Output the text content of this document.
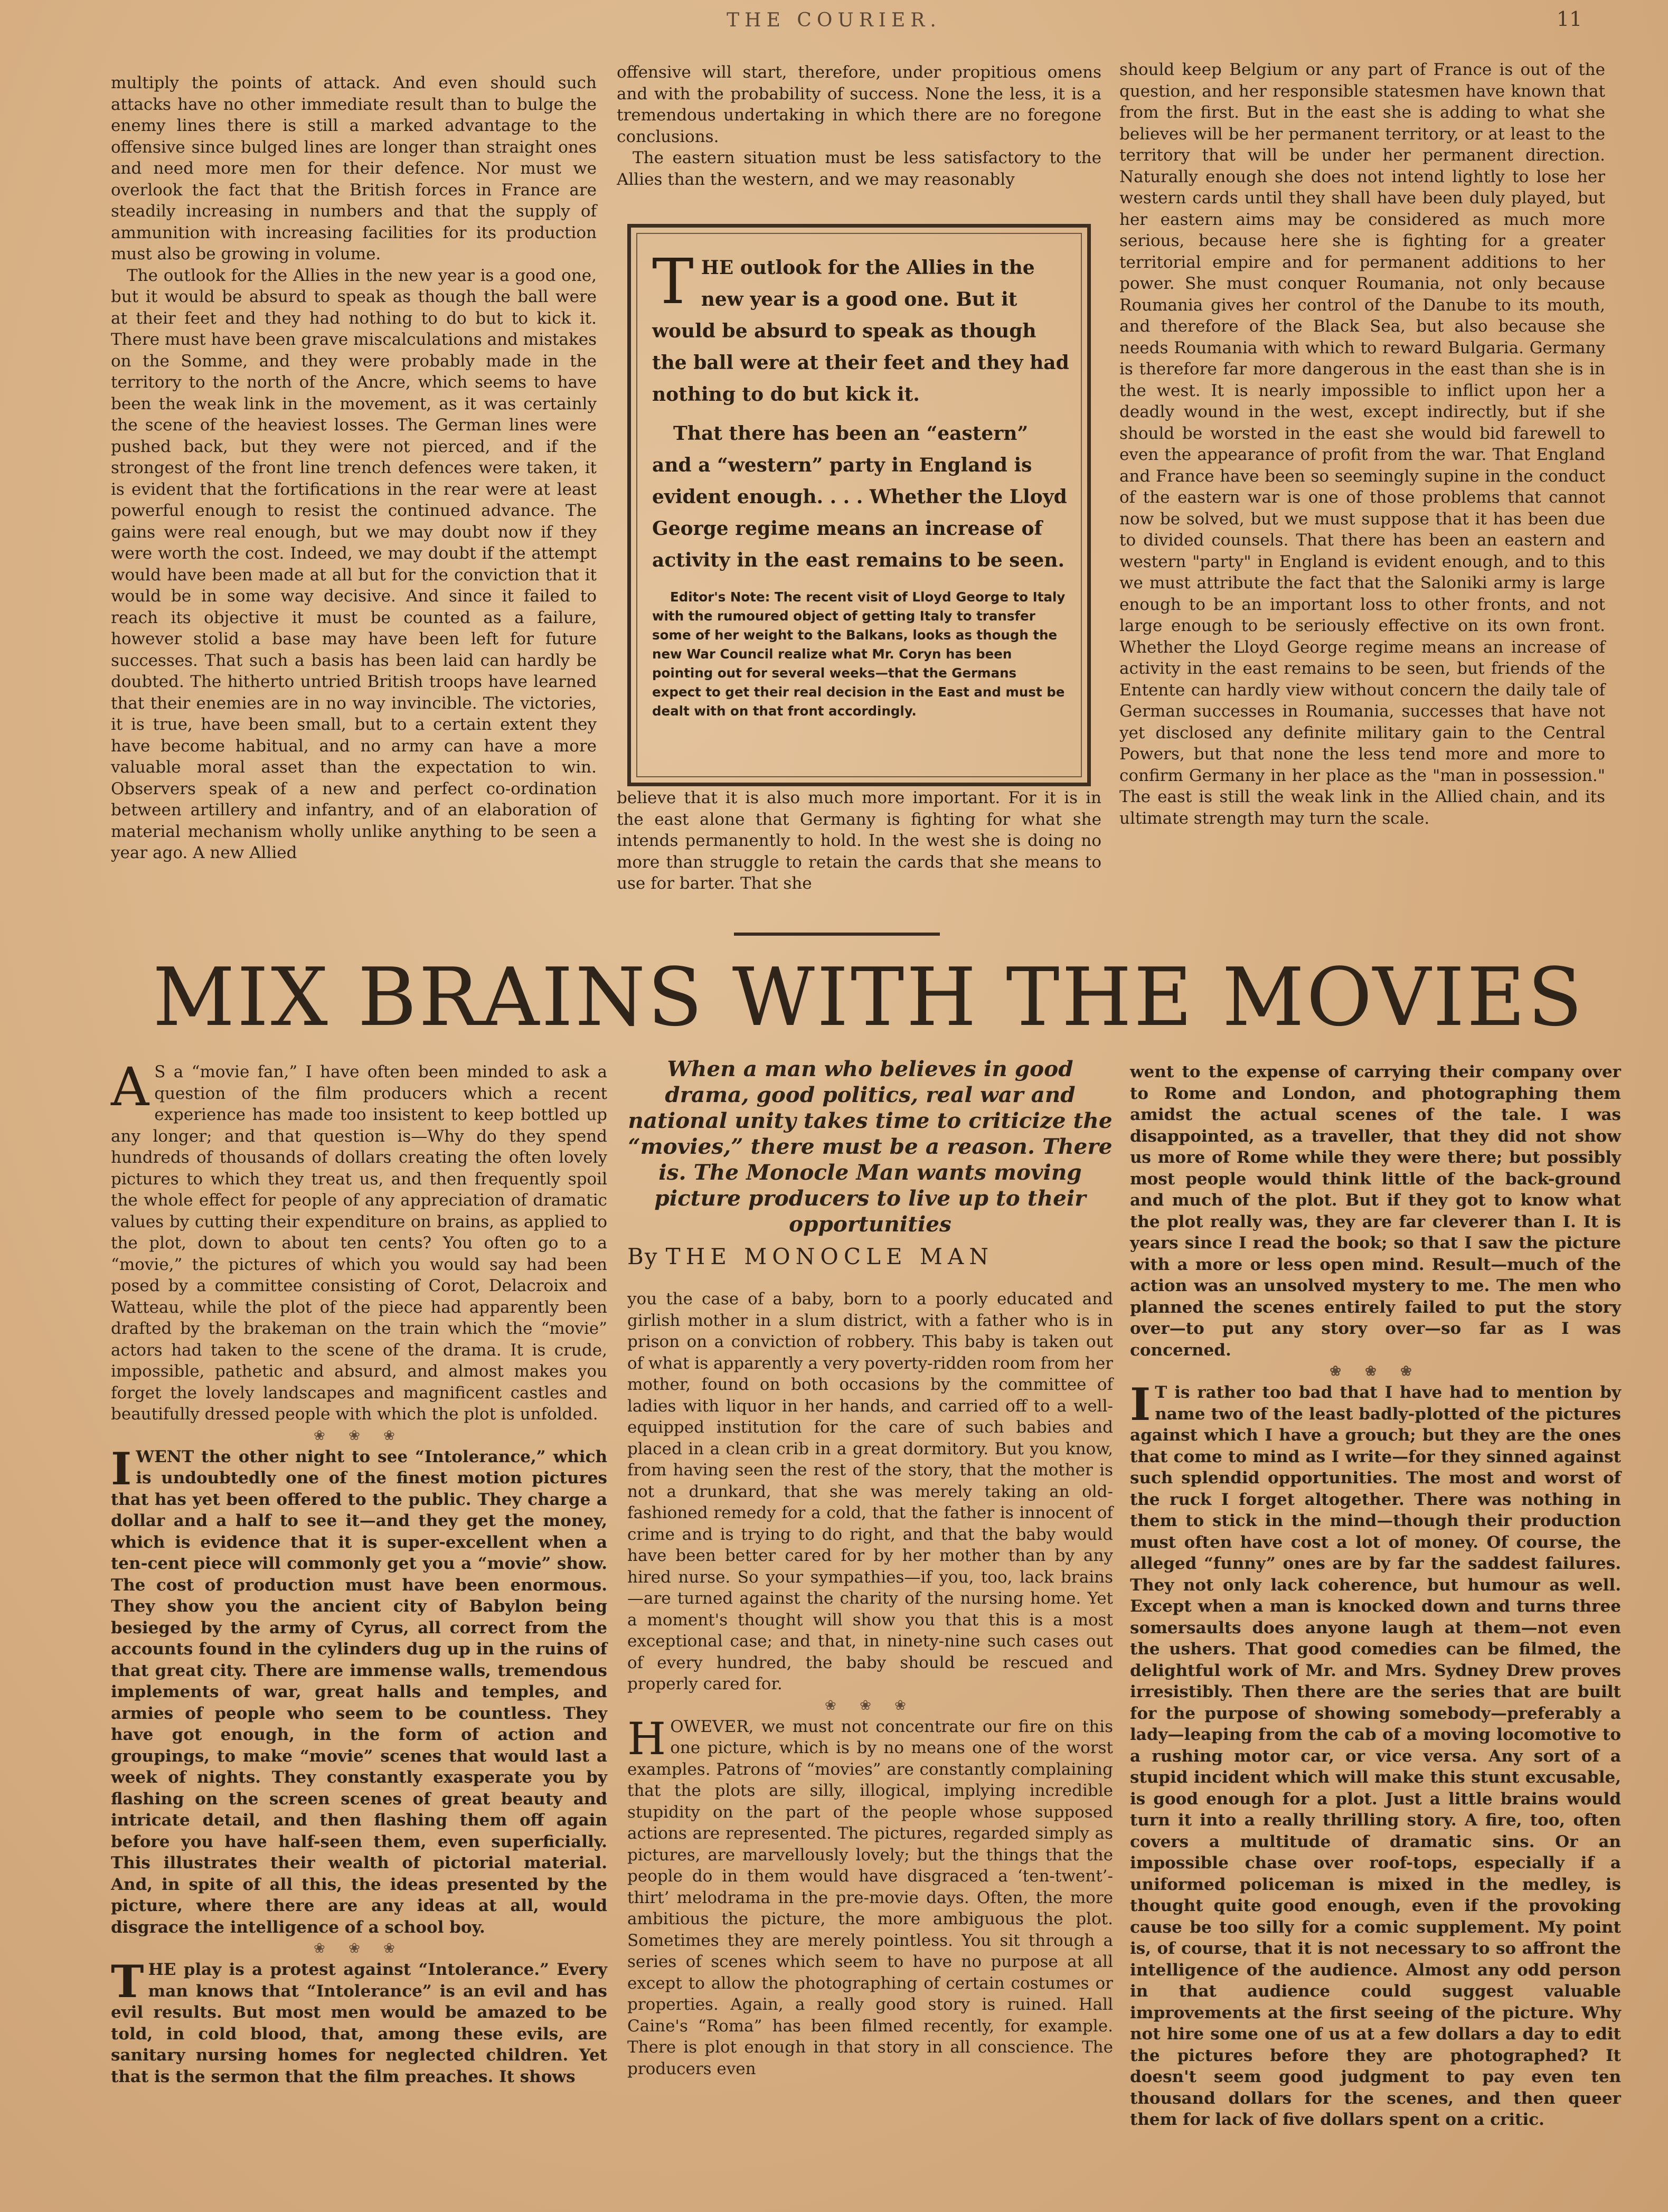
THE COURIER.	11

multiply the points of attack. And even should such attacks have no other immediate result than to bulge the enemy lines there is still a marked advantage to the offensive since bulged lines are longer than straight ones and need more men for their defence. Nor must we overlook the fact that the British forces in France are steadily increasing in numbers and that the supply of ammunition with increasing facilities for its production must also be growing in volume.

The outlook for the Allies in the new year is a good one, but it would be absurd to speak as though the ball were at their feet and they had nothing to do but to kick it. There must have been grave miscalculations and mistakes on the Somme, and they were probably made in the territory to the north of the Ancre, which seems to have been the weak link in the movement, as it was certainly the scene of the heaviest losses. The German lines were pushed back, but they were not pierced, and if the strongest of the front line trench defences were taken, it is evident that the fortifications in the rear were at least powerful enough to resist the continued advance. The gains were real enough, but we may doubt now if they were worth the cost. Indeed, we may doubt if the attempt would have been made at all but for the conviction that it would be in some way decisive. And since it failed to reach its objective it must be counted as a failure, however stolid a base may have been left for future successes. That such a basis has been laid can hardly be doubted. The hitherto untried British troops have learned that their enemies are in no way invincible. The victories, it is true, have been small, but to a certain extent they have become habitual, and no army can have a more valuable moral asset than the expectation to win. Observers speak of a new and perfect co-ordination between artillery and infantry, and of an elaboration of material mechanism wholly unlike anything to be seen a year ago. A new Allied

offensive will start, therefore, under propitious omens and with the probability of success. None the less, it is a tremendous undertaking in which there are no foregone conclusions.

The eastern situation must be less satisfactory to the Allies than the western, and we may reasonably

THE outlook for the Allies in the new year is a good one. But it would be absurd to speak as though the ball were at their feet and they had nothing to do but kick it.

That there has been an “eastern” and a “western” party in England is evident enough. . . . Whether the Lloyd George regime means an increase of activity in the east remains to be seen.

Editor's Note: The recent visit of Lloyd George to Italy with the rumoured object of getting Italy to transfer some of her weight to the Balkans, looks as though the new War Council realize what Mr. Coryn has been pointing out for several weeks—that the Germans expect to get their real decision in the East and must be dealt with on that front accordingly.

believe that it is also much more important. For it is in the east alone that Germany is fighting for what she intends permanently to hold. In the west she is doing no more than struggle to retain the cards that she means to use for barter. That she

should keep Belgium or any part of France is out of the question, and her responsible statesmen have known that from the first. But in the east she is adding to what she believes will be her permanent territory, or at least to the territory that will be under her permanent direction. Naturally enough she does not intend lightly to lose her western cards until they shall have been duly played, but her eastern aims may be considered as much more serious, because here she is fighting for a greater territorial empire and for permanent additions to her power. She must conquer Roumania, not only because Roumania gives her control of the Danube to its mouth, and therefore of the Black Sea, but also because she needs Roumania with which to reward Bulgaria. Germany is therefore far more dangerous in the east than she is in the west. It is nearly impossible to inflict upon her a deadly wound in the west, except indirectly, but if she should be worsted in the east she would bid farewell to even the appearance of profit from the war. That England and France have been so seemingly supine in the conduct of the eastern war is one of those problems that cannot now be solved, but we must suppose that it has been due to divided counsels. That there has been an eastern and western "party" in England is evident enough, and to this we must attribute the fact that the Saloniki army is large enough to be an important loss to other fronts, and not large enough to be seriously effective on its own front. Whether the Lloyd George regime means an increase of activity in the east remains to be seen, but friends of the Entente can hardly view without concern the daily tale of German successes in Roumania, successes that have not yet disclosed any definite military gain to the Central Powers, but that none the less tend more and more to confirm Germany in her place as the "man in possession." The east is still the weak link in the Allied chain, and its ultimate strength may turn the scale.

MIX BRAINS WITH THE MOVIES

A S a “movie fan,” I have often been minded to ask a question of the film producers which a recent experience has made too insistent to keep bottled up any longer; and that question is—Why do they spend hundreds of thousands of dollars creating the often lovely pictures to which they treat us, and then frequently spoil the whole effect for people of any appreciation of dramatic values by cutting their expenditure on brains, as applied to the plot, down to about ten cents? You often go to a “movie,” the pictures of which you would say had been posed by a committee consisting of Corot, Delacroix and Watteau, while the plot of the piece had apparently been drafted by the brakeman on the train which the “movie” actors had taken to the scene of the drama. It is crude, impossible, pathetic and absurd, and almost makes you forget the lovely landscapes and magnificent castles and beautifully dressed people with which the plot is unfolded.

❀ ❀ ❀

IWENT the other night to see “Intolerance,” which is undoubtedly one of the finest motion pictures that has yet been offered to the public. They charge a dollar and a half to see it—and they get the money, which is evidence that it is super-excellent when a ten-cent piece will commonly get you a “movie” show. The cost of production must have been enormous. They show you the ancient city of Babylon being besieged by the army of Cyrus, all correct from the accounts found in the cylinders dug up in the ruins of that great city. There are immense walls, tremendous implements of war, great halls and temples, and armies of people who seem to be countless. They have got enough, in the form of action and groupings, to make “movie” scenes that would last a week of nights. They constantly exasperate you by flashing on the screen scenes of great beauty and intricate detail, and then flashing them off again before you have half-seen them, even superficially. This illustrates their wealth of pictorial material. And, in spite of all this, the ideas presented by the picture, where there are any ideas at all, would disgrace the intelligence of a school boy.

❀ ❀ ❀

THE play is a protest against “Intolerance.” Every man knows that “Intolerance” is an evil and has evil results. But most men would be amazed to be told, in cold blood, that, among these evils, are sanitary nursing homes for neglected children. Yet that is the sermon that the film preaches. It shows

When a man who believes in good drama, good politics, real war and national unity takes time to criticize the “movies,” there must be a reason. There is. The Monocle Man wants moving picture producers to live up to their opportunities
By THE MONOCLE MAN

you the case of a baby, born to a poorly educated and girlish mother in a slum district, with a father who is in prison on a conviction of robbery. This baby is taken out of what is apparently a very poverty-ridden room from her mother, found on both occasions by the committee of ladies with liquor in her hands, and carried off to a well-equipped institution for the care of such babies and placed in a clean crib in a great dormitory. But you know, from having seen the rest of the story, that the mother is not a drunkard, that she was merely taking an old-fashioned remedy for a cold, that the father is innocent of crime and is trying to do right, and that the baby would have been better cared for by her mother than by any hired nurse. So your sympathies—if you, too, lack brains—are turned against the charity of the nursing home. Yet a moment's thought will show you that this is a most exceptional case; and that, in ninety-nine such cases out of every hundred, the baby should be rescued and properly cared for.

❀ ❀ ❀

HOWEVER, we must not concentrate our fire on this one picture, which is by no means one of the worst examples. Patrons of “movies” are constantly complaining that the plots are silly, illogical, implying incredible stupidity on the part of the people whose supposed actions are represented. The pictures, regarded simply as pictures, are marvellously lovely; but the things that the people do in them would have disgraced a ‘ten-twent’-thirt’ melodrama in the pre-movie days. Often, the more ambitious the picture, the more ambiguous the plot. Sometimes they are merely pointless. You sit through a series of scenes which seem to have no purpose at all except to allow the photographing of certain costumes or properties. Again, a really good story is ruined. Hall Caine's “Roma” has been filmed recently, for example. There is plot enough in that story in all conscience. The producers even

went to the expense of carrying their company over to Rome and London, and photographing them amidst the actual scenes of the tale. I was disappointed, as a traveller, that they did not show us more of Rome while they were there; but possibly most people would think little of the back-ground and much of the plot. But if they got to know what the plot really was, they are far cleverer than I. It is years since I read the book; so that I saw the picture with a more or less open mind. Result—much of the action was an unsolved mystery to me. The men who planned the scenes entirely failed to put the story over—to put any story over—so far as I was concerned.

❀ ❀ ❀

I T is rather too bad that I have had to mention by name two of the least badly-plotted of the pictures against which I have a grouch; but they are the ones that come to mind as I write—for they sinned against such splendid opportunities. The most and worst of the ruck I forget altogether. There was nothing in them to stick in the mind—though their production must often have cost a lot of money. Of course, the alleged “funny” ones are by far the saddest failures. They not only lack coherence, but humour as well. Except when a man is knocked down and turns three somersaults does anyone laugh at them—not even the ushers. That good comedies can be filmed, the delightful work of Mr. and Mrs. Sydney Drew proves irresistibly. Then there are the series that are built for the purpose of showing somebody—preferably a lady—leaping from the cab of a moving locomotive to a rushing motor car, or vice versa. Any sort of a stupid incident which will make this stunt excusable, is good enough for a plot. Just a little brains would turn it into a really thrilling story. A fire, too, often covers a multitude of dramatic sins. Or an impossible chase over roof-tops, especially if a uniformed policeman is mixed in the medley, is thought quite good enough, even if the provoking cause be too silly for a comic supplement. My point is, of course, that it is not necessary to so affront the intelligence of the audience. Almost any odd person in that audience could suggest valuable improvements at the first seeing of the picture. Why not hire some one of us at a few dollars a day to edit the pictures before they are photographed? It doesn't seem good judgment to pay even ten thousand dollars for the scenes, and then queer them for lack of five dollars spent on a critic.
